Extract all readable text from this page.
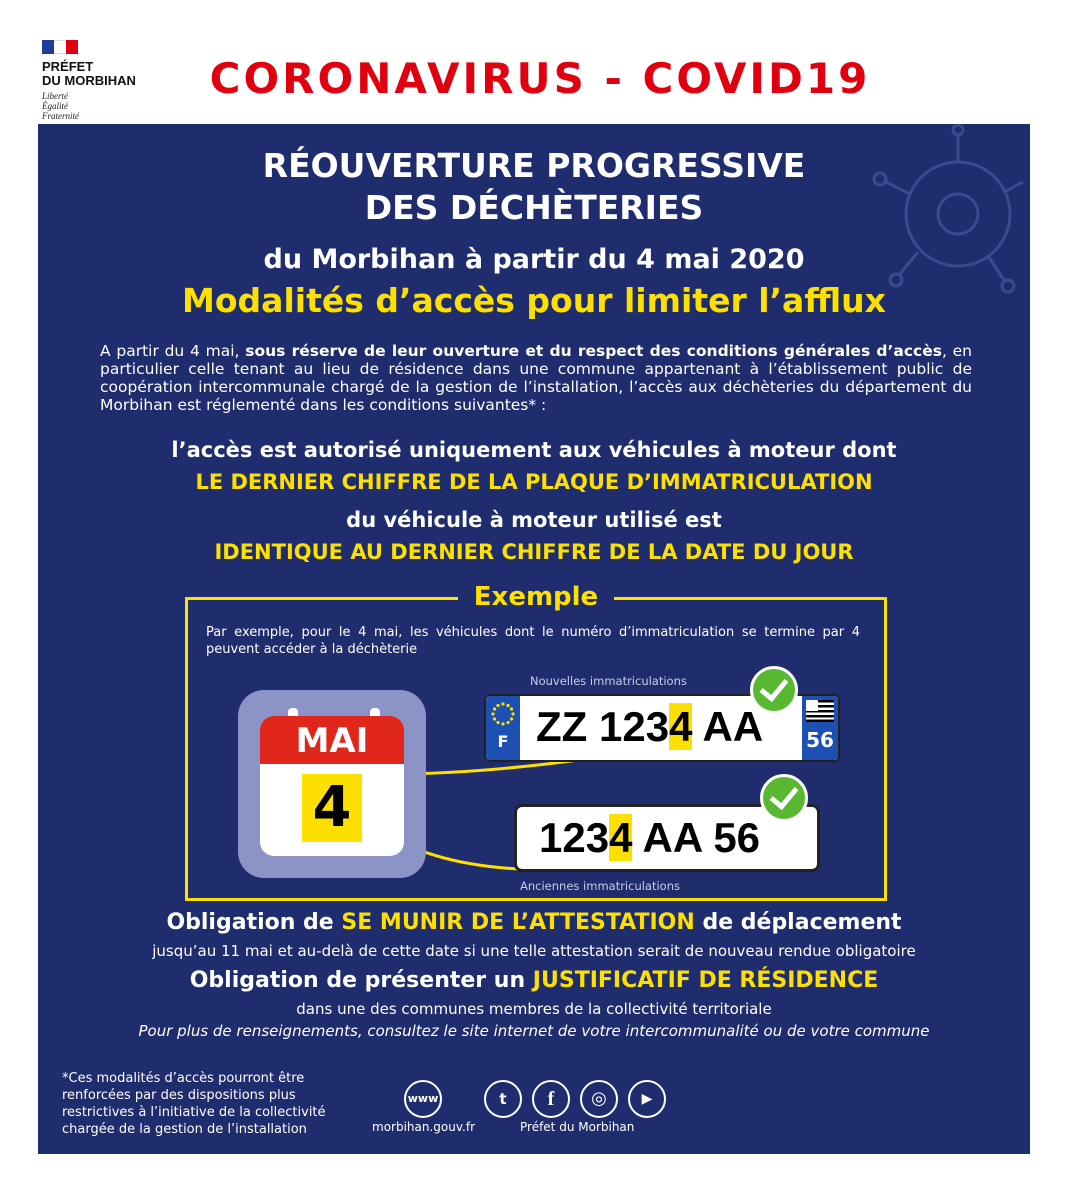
PRÉFET
DU MORBIHAN
Liberté
Égalité
Fraternité
CORONAVIRUS - COVID19
RÉOUVERTURE PROGRESSIVE
DES DÉCHÈTERIES
du Morbihan à partir du 4 mai 2020
Modalités d’accès pour limiter l’afflux
A partir du 4 mai, sous réserve de leur ouverture et du respect des conditions générales d’accès, en particulier celle tenant au lieu de résidence dans une commune appartenant à l’établissement public de coopération intercommunale chargé de la gestion de l’installation, l’accès aux déchèteries du département du Morbihan est réglementé dans les conditions suivantes* :
l’accès est autorisé uniquement aux véhicules à moteur dont
LE DERNIER CHIFFRE DE LA PLAQUE D’IMMATRICULATION
du véhicule à moteur utilisé est
IDENTIQUE AU DERNIER CHIFFRE DE LA DATE DU JOUR
Exemple
Par exemple, pour le 4 mai, les véhicules dont le numéro d’immatriculation se termine par 4 peuvent accéder à la déchèterie
MAI
4
Nouvelles immatriculations
F ZZ 1234 AA 56
1234 AA 56
Anciennes immatriculations
Obligation de SE MUNIR DE L’ATTESTATION de déplacement
jusqu’au 11 mai et au-delà de cette date si une telle attestation serait de nouveau rendue obligatoire
Obligation de présenter un JUSTIFICATIF DE RÉSIDENCE
dans une des communes membres de la collectivité territoriale
Pour plus de renseignements, consultez le site internet de votre intercommunalité ou de votre commune
*Ces modalités d’accès pourront être renforcées par des dispositions plus restrictives à l’initiative de la collectivité chargée de la gestion de l’installation
www
morbihan.gouv.fr
t	f	◎	▶
Préfet du Morbihan
